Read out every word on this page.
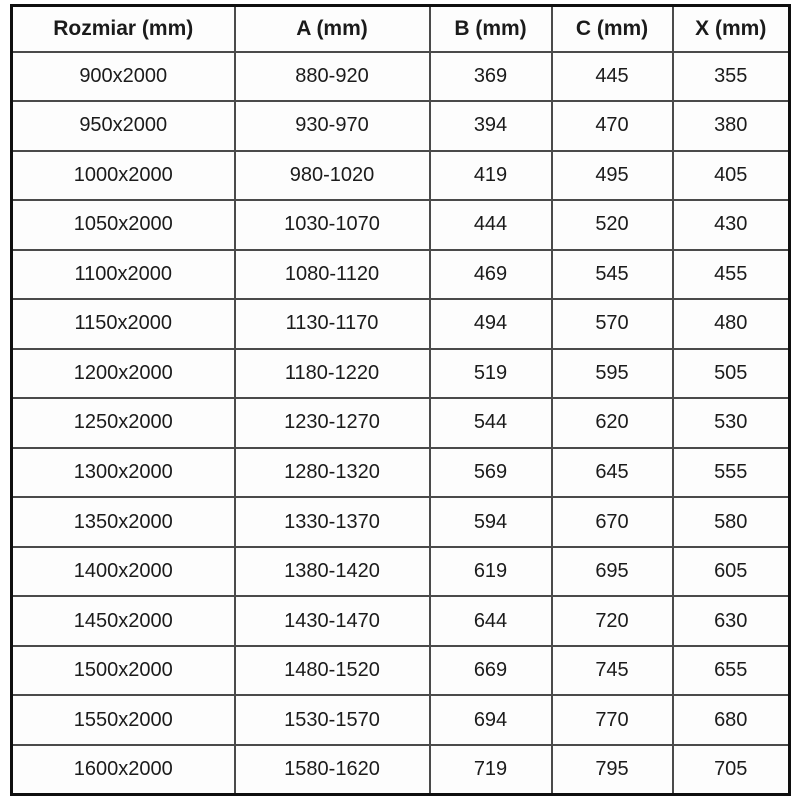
Rozmiar (mm)	A (mm)	B (mm)	C (mm)	X (mm)
900x2000	880-920	369	445	355
950x2000	930-970	394	470	380
1000x2000	980-1020	419	495	405
1050x2000	1030-1070	444	520	430
1100x2000	1080-1120	469	545	455
1150x2000	1130-1170	494	570	480
1200x2000	1180-1220	519	595	505
1250x2000	1230-1270	544	620	530
1300x2000	1280-1320	569	645	555
1350x2000	1330-1370	594	670	580
1400x2000	1380-1420	619	695	605
1450x2000	1430-1470	644	720	630
1500x2000	1480-1520	669	745	655
1550x2000	1530-1570	694	770	680
1600x2000	1580-1620	719	795	705
